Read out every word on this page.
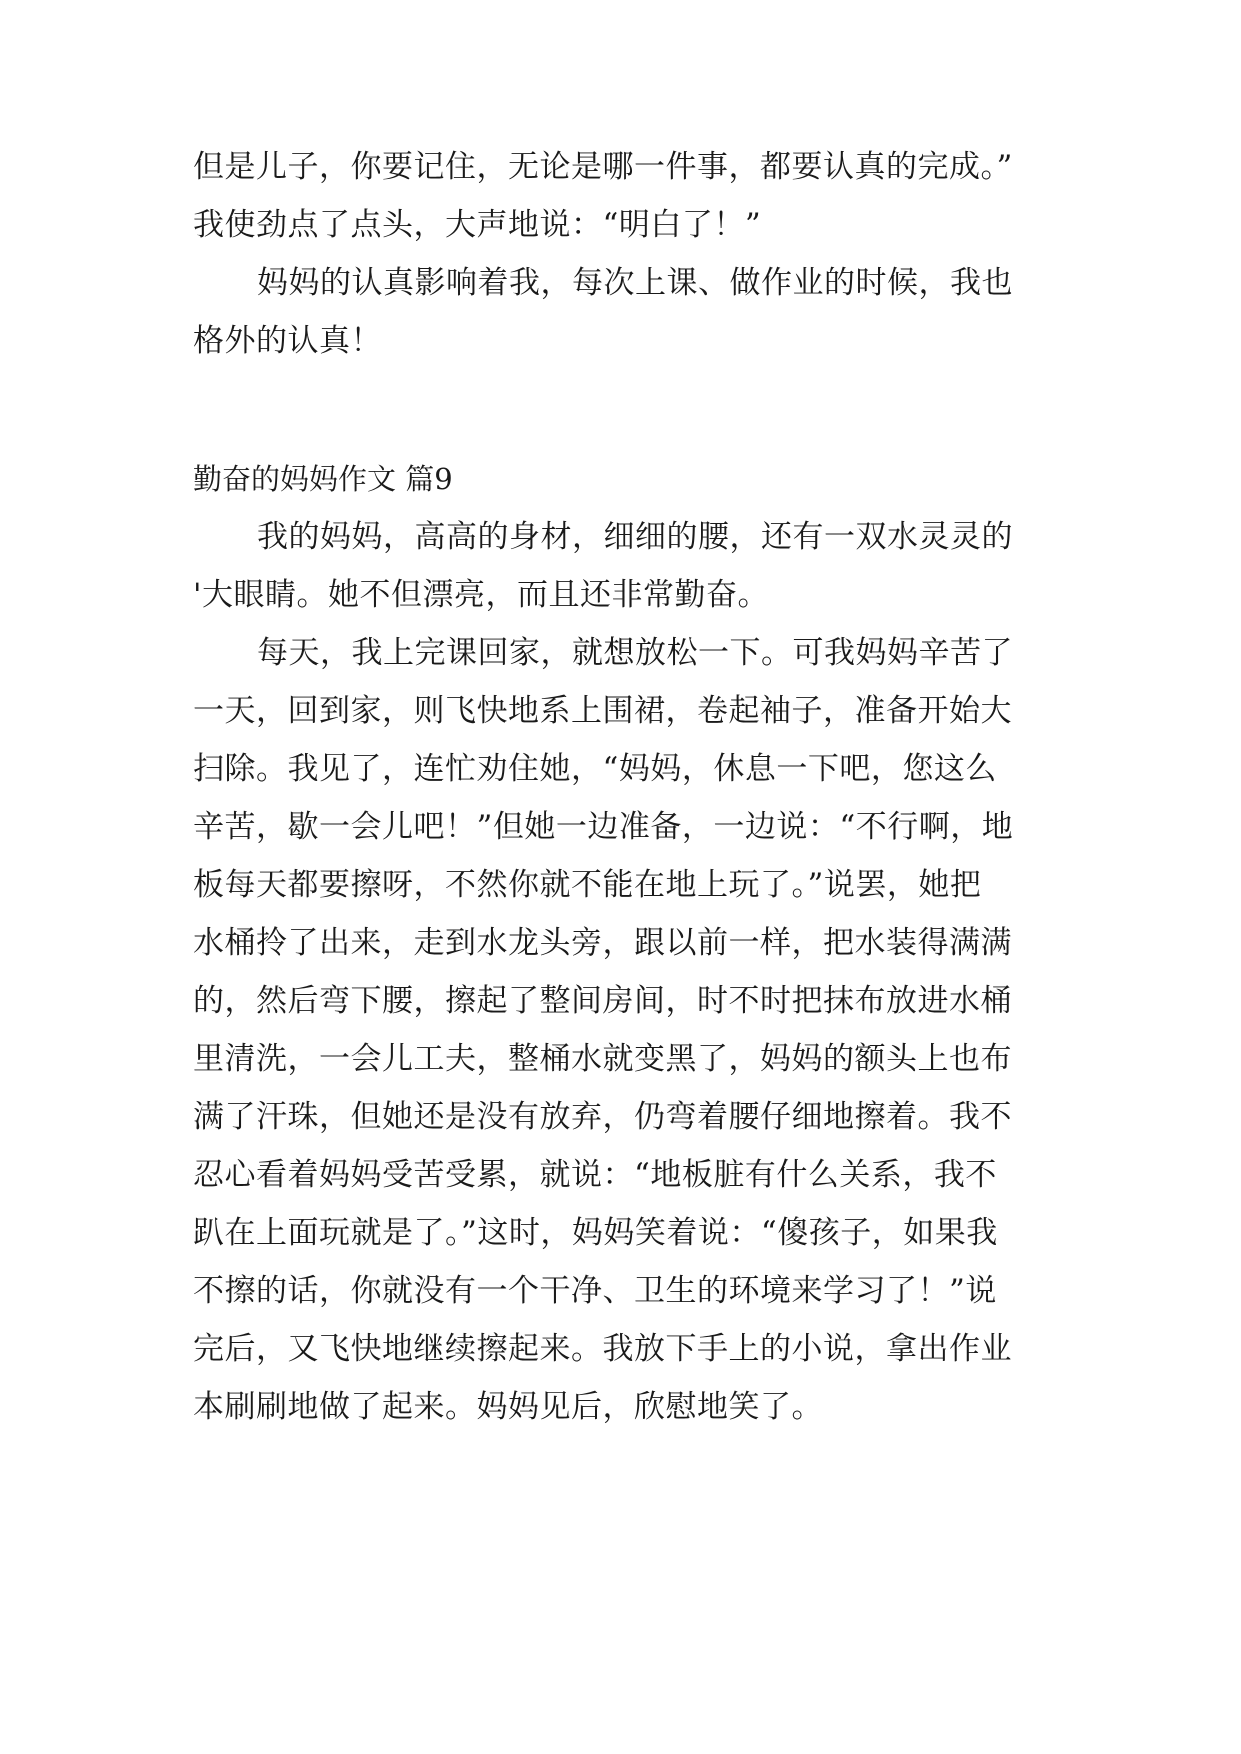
但是儿子，你要记住，无论是哪一件事，都要认真的完成。”
我使劲点了点头，大声地说：“明白了！”
妈妈的认真影响着我，每次上课、做作业的时候，我也
格外的认真！
勤奋的妈妈作文 篇9
我的妈妈，高高的身材，细细的腰，还有一双水灵灵的
'大眼睛。她不但漂亮，而且还非常勤奋。
每天，我上完课回家，就想放松一下。可我妈妈辛苦了
一天，回到家，则飞快地系上围裙，卷起袖子，准备开始大
扫除。我见了，连忙劝住她，“妈妈，休息一下吧，您这么
辛苦，歇一会儿吧！”但她一边准备，一边说：“不行啊，地
板每天都要擦呀，不然你就不能在地上玩了。”说罢，她把
水桶拎了出来，走到水龙头旁，跟以前一样，把水装得满满
的，然后弯下腰，擦起了整间房间，时不时把抹布放进水桶
里清洗，一会儿工夫，整桶水就变黑了，妈妈的额头上也布
满了汗珠，但她还是没有放弃，仍弯着腰仔细地擦着。我不
忍心看着妈妈受苦受累，就说：“地板脏有什么关系，我不
趴在上面玩就是了。”这时，妈妈笑着说：“傻孩子，如果我
不擦的话，你就没有一个干净、卫生的环境来学习了！”说
完后，又飞快地继续擦起来。我放下手上的小说，拿出作业
本刷刷地做了起来。妈妈见后，欣慰地笑了。
